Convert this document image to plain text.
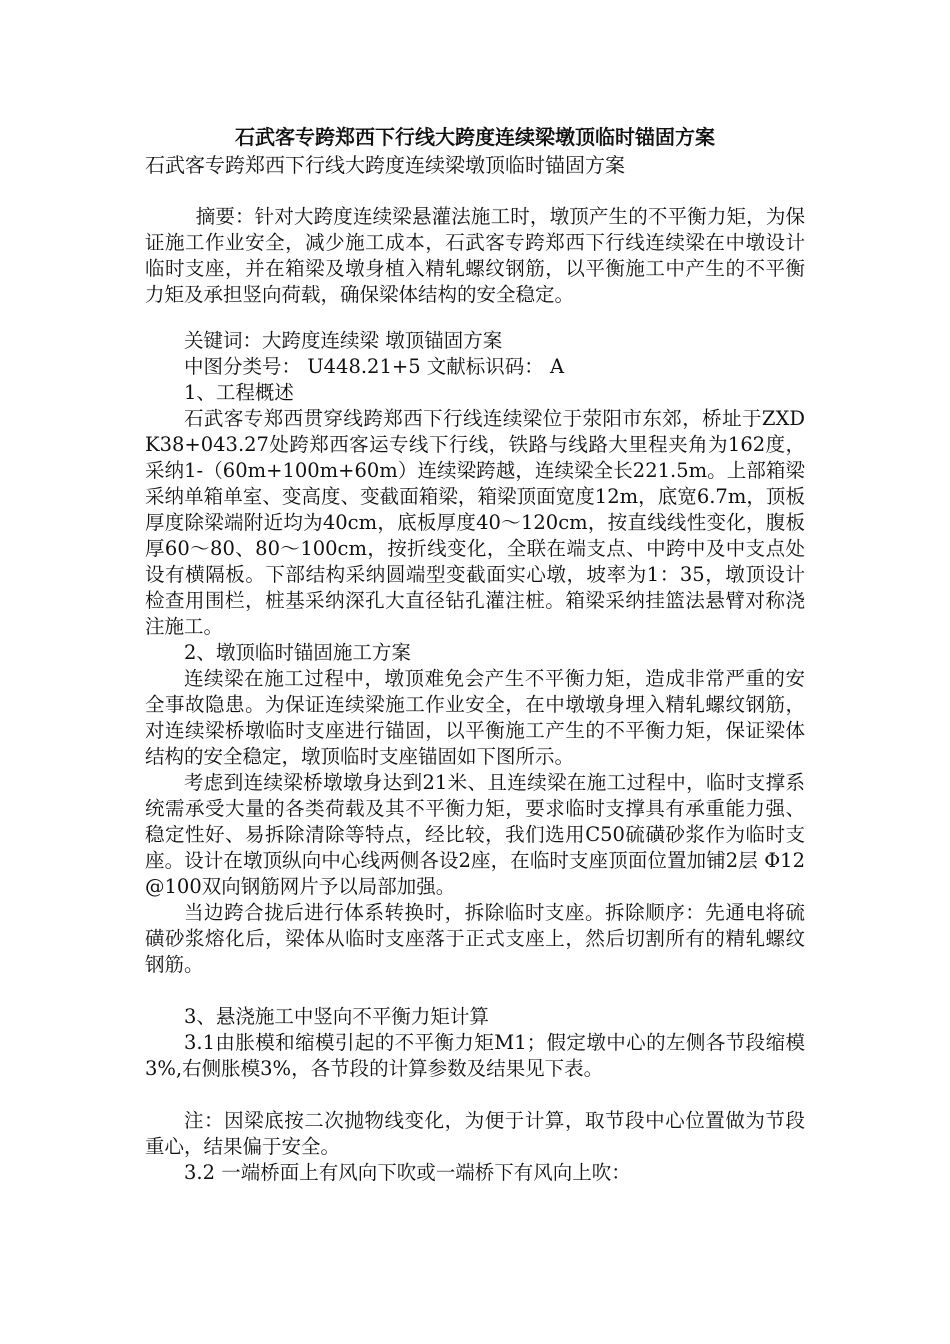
石武客专跨郑西下行线大跨度连续梁墩顶临时锚固方案

石武客专跨郑西下行线大跨度连续梁墩顶临时锚固方案

摘要：针对大跨度连续梁悬灌法施工时，墩顶产生的不平衡力矩，为保证施工作业安全，减少施工成本，石武客专跨郑西下行线连续梁在中墩设计临时支座，并在箱梁及墩身植入精轧螺纹钢筋，以平衡施工中产生的不平衡力矩及承担竖向荷载，确保梁体结构的安全稳定。

关键词：大跨度连续梁 墩顶锚固方案

中图分类号： U448.21+5 文献标识码： A

1、工程概述

石武客专郑西贯穿线跨郑西下行线连续梁位于荥阳市东郊，桥址于ZXDK38+043.27处跨郑西客运专线下行线，铁路与线路大里程夹角为162度，采纳1-（60m+100m+60m）连续梁跨越，连续梁全长221.5m。上部箱梁采纳单箱单室、变高度、变截面箱梁，箱梁顶面宽度12m，底宽6.7m，顶板厚度除梁端附近均为40cm，底板厚度40～120cm，按直线线性变化，腹板厚60～80、80～100cm，按折线变化，全联在端支点、中跨中及中支点处设有横隔板。下部结构采纳圆端型变截面实心墩，坡率为1：35，墩顶设计检查用围栏，桩基采纳深孔大直径钻孔灌注桩。箱梁采纳挂篮法悬臂对称浇注施工。

2、墩顶临时锚固施工方案

连续梁在施工过程中，墩顶难免会产生不平衡力矩，造成非常严重的安全事故隐患。为保证连续梁施工作业安全，在中墩墩身埋入精轧螺纹钢筋，对连续梁桥墩临时支座进行锚固，以平衡施工产生的不平衡力矩，保证梁体结构的安全稳定，墩顶临时支座锚固如下图所示。

考虑到连续梁桥墩墩身达到21米、且连续梁在施工过程中，临时支撑系统需承受大量的各类荷载及其不平衡力矩，要求临时支撑具有承重能力强、稳定性好、易拆除清除等特点，经比较，我们选用C50硫磺砂浆作为临时支座。设计在墩顶纵向中心线两侧各设2座，在临时支座顶面位置加铺2层 Φ12@100双向钢筋网片予以局部加强。

当边跨合拢后进行体系转换时，拆除临时支座。拆除顺序：先通电将硫磺砂浆熔化后，梁体从临时支座落于正式支座上，然后切割所有的精轧螺纹钢筋。

3、悬浇施工中竖向不平衡力矩计算

3.1由胀模和缩模引起的不平衡力矩M1；假定墩中心的左侧各节段缩模3%,右侧胀模3%，各节段的计算参数及结果见下表。

注：因梁底按二次抛物线变化，为便于计算，取节段中心位置做为节段重心，结果偏于安全。

3.2 一端桥面上有风向下吹或一端桥下有风向上吹：
